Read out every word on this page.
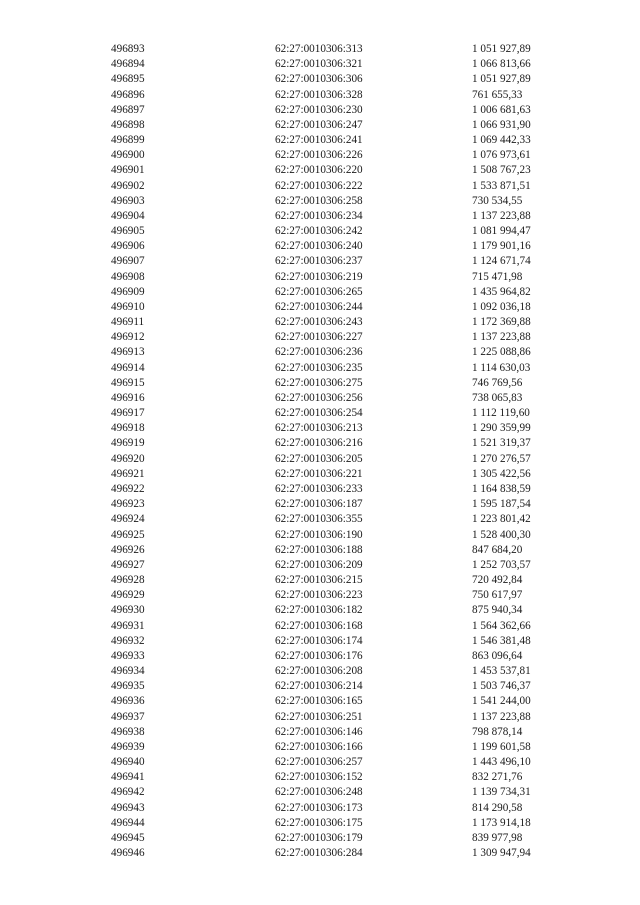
496893	62:27:0010306:313	1 051 927,89
496894	62:27:0010306:321	1 066 813,66
496895	62:27:0010306:306	1 051 927,89
496896	62:27:0010306:328	761 655,33
496897	62:27:0010306:230	1 006 681,63
496898	62:27:0010306:247	1 066 931,90
496899	62:27:0010306:241	1 069 442,33
496900	62:27:0010306:226	1 076 973,61
496901	62:27:0010306:220	1 508 767,23
496902	62:27:0010306:222	1 533 871,51
496903	62:27:0010306:258	730 534,55
496904	62:27:0010306:234	1 137 223,88
496905	62:27:0010306:242	1 081 994,47
496906	62:27:0010306:240	1 179 901,16
496907	62:27:0010306:237	1 124 671,74
496908	62:27:0010306:219	715 471,98
496909	62:27:0010306:265	1 435 964,82
496910	62:27:0010306:244	1 092 036,18
496911	62:27:0010306:243	1 172 369,88
496912	62:27:0010306:227	1 137 223,88
496913	62:27:0010306:236	1 225 088,86
496914	62:27:0010306:235	1 114 630,03
496915	62:27:0010306:275	746 769,56
496916	62:27:0010306:256	738 065,83
496917	62:27:0010306:254	1 112 119,60
496918	62:27:0010306:213	1 290 359,99
496919	62:27:0010306:216	1 521 319,37
496920	62:27:0010306:205	1 270 276,57
496921	62:27:0010306:221	1 305 422,56
496922	62:27:0010306:233	1 164 838,59
496923	62:27:0010306:187	1 595 187,54
496924	62:27:0010306:355	1 223 801,42
496925	62:27:0010306:190	1 528 400,30
496926	62:27:0010306:188	847 684,20
496927	62:27:0010306:209	1 252 703,57
496928	62:27:0010306:215	720 492,84
496929	62:27:0010306:223	750 617,97
496930	62:27:0010306:182	875 940,34
496931	62:27:0010306:168	1 564 362,66
496932	62:27:0010306:174	1 546 381,48
496933	62:27:0010306:176	863 096,64
496934	62:27:0010306:208	1 453 537,81
496935	62:27:0010306:214	1 503 746,37
496936	62:27:0010306:165	1 541 244,00
496937	62:27:0010306:251	1 137 223,88
496938	62:27:0010306:146	798 878,14
496939	62:27:0010306:166	1 199 601,58
496940	62:27:0010306:257	1 443 496,10
496941	62:27:0010306:152	832 271,76
496942	62:27:0010306:248	1 139 734,31
496943	62:27:0010306:173	814 290,58
496944	62:27:0010306:175	1 173 914,18
496945	62:27:0010306:179	839 977,98
496946	62:27:0010306:284	1 309 947,94
